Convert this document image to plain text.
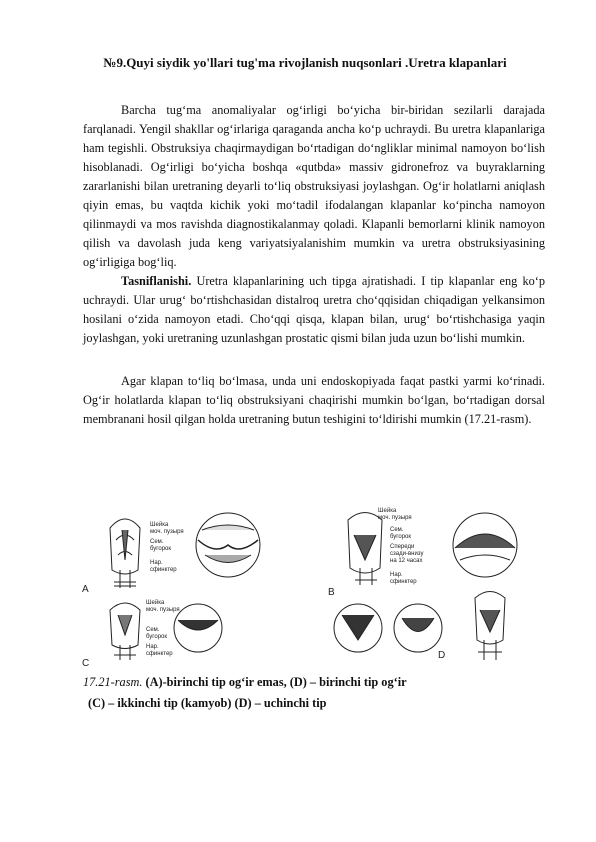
№9.Quyi siydik yo'llari tug'ma rivojlanish nuqsonlari .Uretra klapanlari

Barcha tug‘ma anomaliyalar og‘irligi bo‘yicha bir-biridan sezilarli darajada farqlanadi. Yengil shakllar og‘irlariga qaraganda ancha ko‘p uchraydi. Bu uretra klapanlariga ham tegishli. Obstruksiya chaqirmaydigan bo‘rtadigan do‘ngliklar minimal namoyon bo‘lish hisoblanadi. Og‘irligi bo‘yicha boshqa «qutbda» massiv gidronefroz va buyraklarning zararlanishi bilan uretraning deyarli to‘liq obstruksiyasi joylashgan. Og‘ir holatlarni aniqlash qiyin emas, bu vaqtda kichik yoki mo‘tadil ifodalangan klapanlar ko‘pincha namoyon qilinmaydi va mos ravishda diagnostikalanmay qoladi. Klapanli bemorlarni klinik namoyon qilish va davolash juda keng variyatsiyalanishim mumkin va uretra obstruksiyasining og‘irligiga bog‘liq.

Tasniflanishi. Uretra klapanlarining uch tipga ajratishadi. I tip klapanlar eng ko‘p uchraydi. Ular urug‘ bo‘rtishchasidan distalroq uretra cho‘qqisidan chiqadigan yelkansimon hosilani o‘zida namoyon etadi. Cho‘qqi qisqa, klapan bilan, urug‘ bo‘rtishchasiga yaqin joylashgan, yoki uretraning uzunlashgan prostatic qismi bilan juda uzun bo‘lishi mumkin.

Agar klapan to‘liq bo‘lmasa, unda uni endoskopiyada faqat pastki yarmi ko‘rinadi. Og‘ir holatlarda klapan to‘liq obstruksiyani chaqirishi mumkin bo‘lgan, bo‘rtadigan dorsal membranani hosil qilgan holda uretraning butun teshigini to‘ldirishi mumkin (17.21-rasm).

Шейка
моч. пузыря
Сем.
бугорок
Нар.
сфинктер
Шейка
моч. пузыря
Сем.
бугорок
Спереди
сзади-внизу
на 12 часах
Нар.
сфинктер
Шейка
моч. пузыря
Сем.
бугорок
Нар.
сфинктер
A	B
C
D
17.21-rasm. (A)-birinchi tip og‘ir emas, (D) – birinchi tip og‘ir
(C) – ikkinchi tip (kamyob) (D) – uchinchi tip
